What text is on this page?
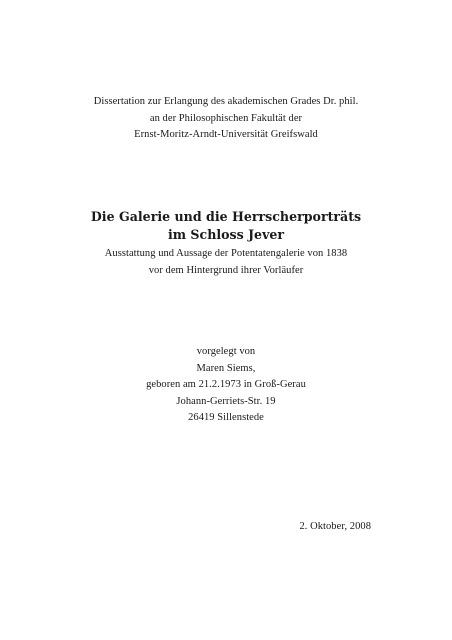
Dissertation zur Erlangung des akademischen Grades Dr. phil.
an der Philosophischen Fakultät der
Ernst-Moritz-Arndt-Universität Greifswald
Die Galerie und die Herrscherporträts
im Schloss Jever
Ausstattung und Aussage der Potentatengalerie von 1838
vor dem Hintergrund ihrer Vorläufer
vorgelegt von
Maren Siems,
geboren am 21.2.1973 in Groß-Gerau
Johann-Gerriets-Str. 19
26419 Sillenstede
2. Oktober, 2008
